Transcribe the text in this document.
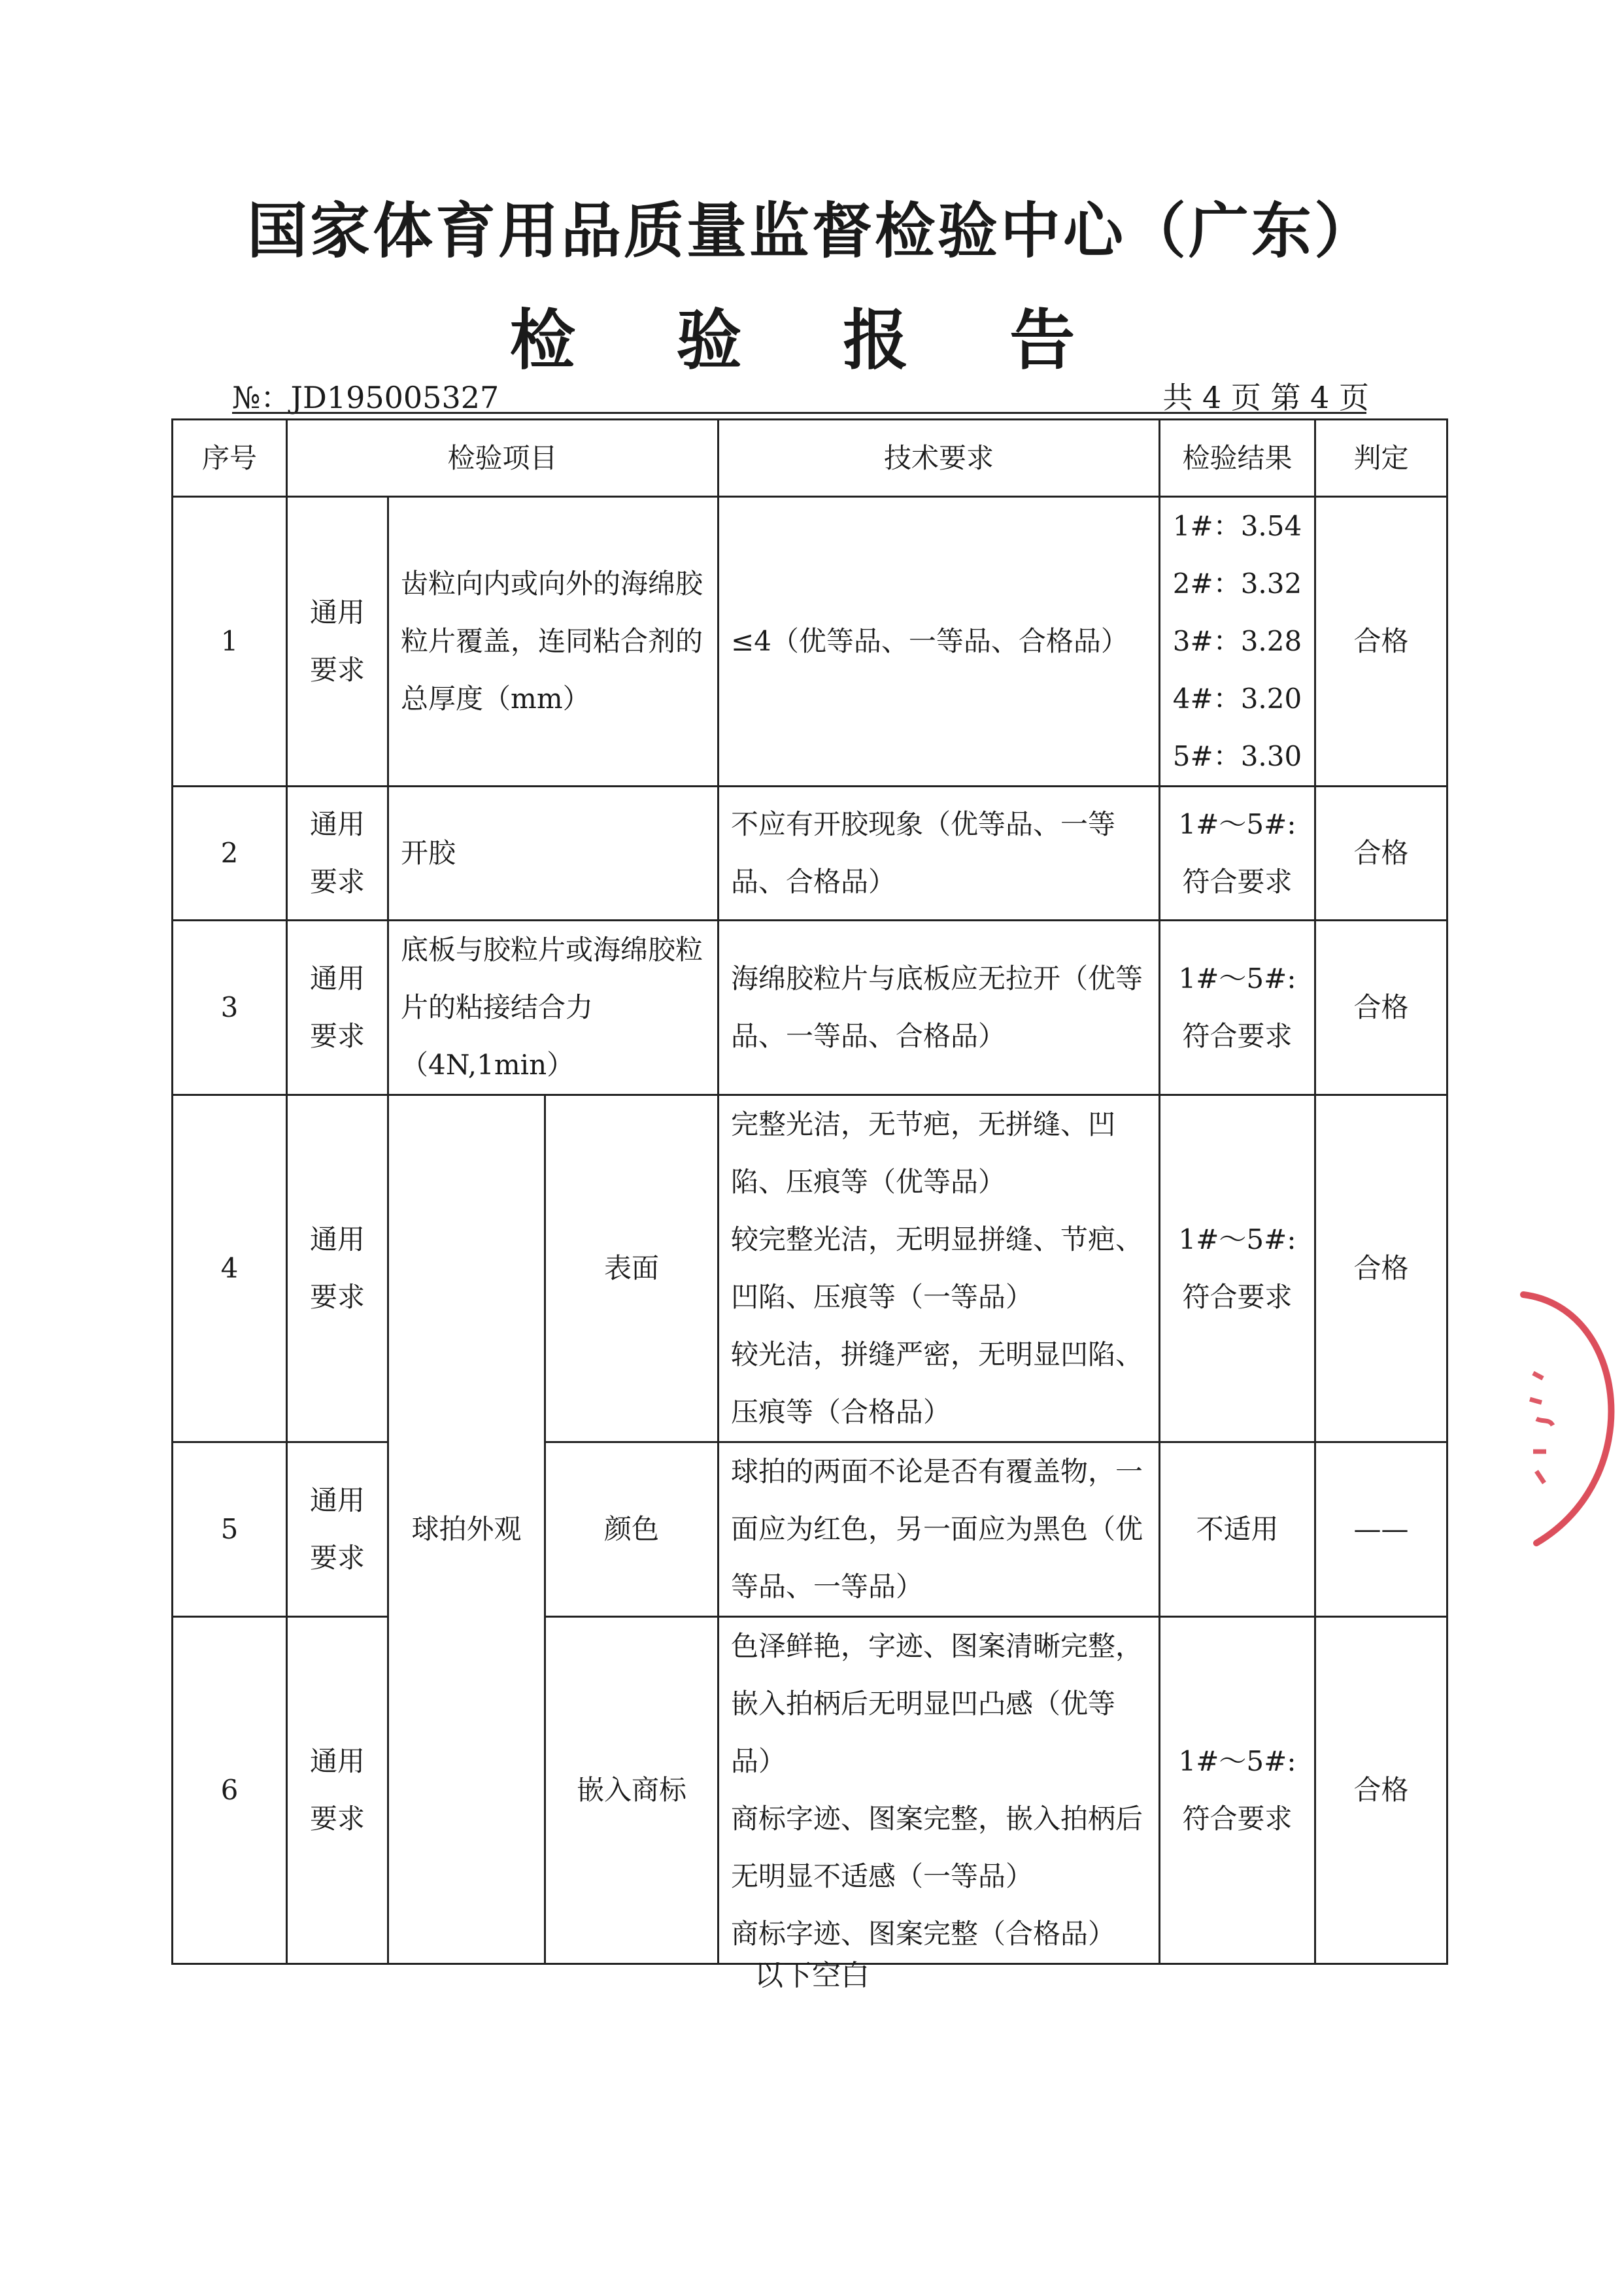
国家体育用品质量监督检验中心（广东）
检 验 报 告
№：JD195005327	共 4 页 第 4 页
序号	检验项目			技术要求	检验结果	判定
1	通用要求	齿粒向内或向外的海绵胶粒片覆盖，连同粘合剂的总厚度（mm）		≤4（优等品、一等品、合格品）	1#：3.54
2#：3.32
3#：3.28
4#：3.20
5#：3.30	合格
2	通用要求	开胶		不应有开胶现象（优等品、一等品、合格品）	1#～5#:
符合要求	合格
3	通用要求	底板与胶粒片或海绵胶粒片的粘接结合力（4N,1min）		海绵胶粒片与底板应无拉开（优等品、一等品、合格品）	1#～5#:
符合要求	合格
4	通用要求	球拍外观	表面	完整光洁，无节疤，无拼缝、凹陷、压痕等（优等品）
较完整光洁，无明显拼缝、节疤、凹陷、压痕等（一等品）
较光洁，拼缝严密，无明显凹陷、压痕等（合格品）	1#～5#:
符合要求	合格
5	通用要求		颜色	球拍的两面不论是否有覆盖物，一面应为红色，另一面应为黑色（优等品、一等品）	不适用	——
6	通用要求		嵌入商标	色泽鲜艳，字迹、图案清晰完整，嵌入拍柄后无明显凹凸感（优等品）
商标字迹、图案完整，嵌入拍柄后无明显不适感（一等品）
商标字迹、图案完整（合格品）	1#～5#:
符合要求	合格
以下空白
